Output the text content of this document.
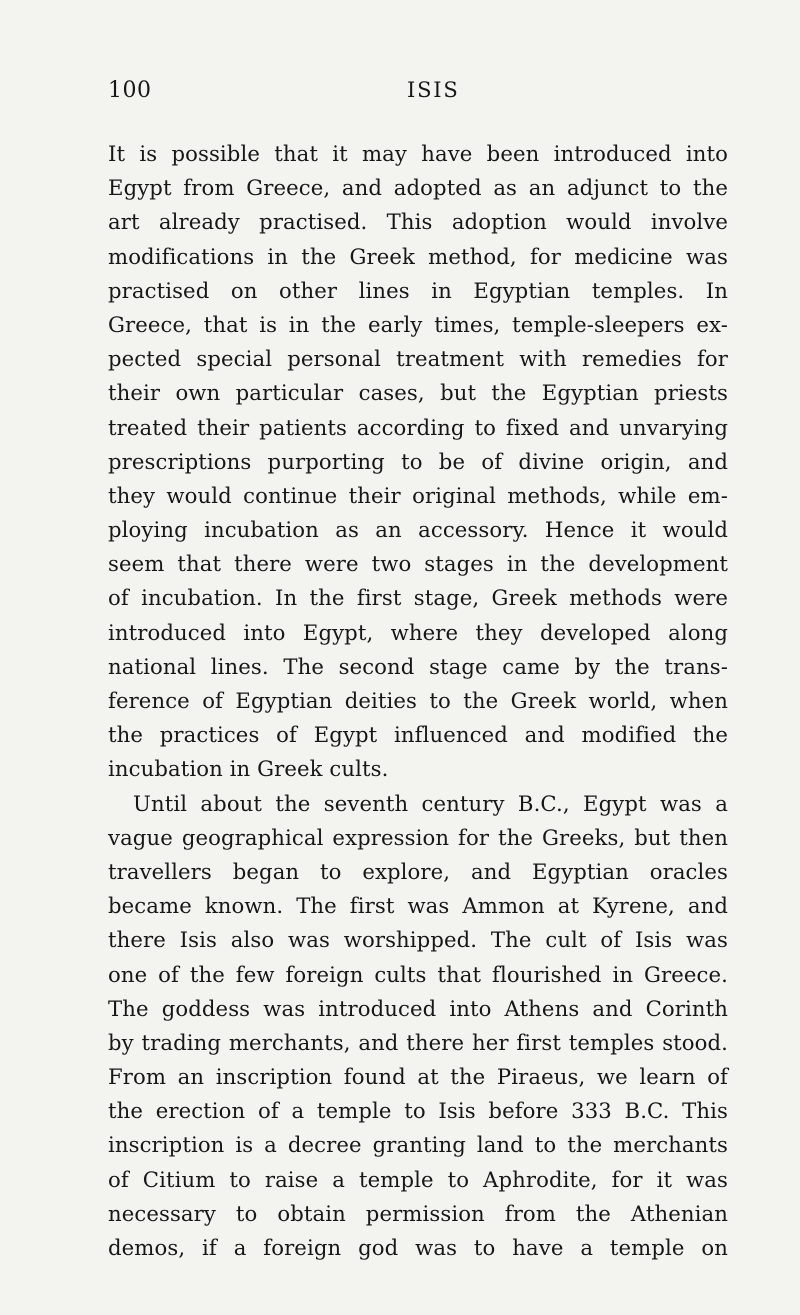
100	ISIS
It is possible that it may have been introduced into
Egypt from Greece, and adopted as an adjunct to the
art already practised. This adoption would involve
modifications in the Greek method, for medicine was
practised on other lines in Egyptian temples. In
Greece, that is in the early times, temple-sleepers ex-
pected special personal treatment with remedies for
their own particular cases, but the Egyptian priests
treated their patients according to fixed and unvarying
prescriptions purporting to be of divine origin, and
they would continue their original methods, while em-
ploying incubation as an accessory. Hence it would
seem that there were two stages in the development
of incubation. In the first stage, Greek methods were
introduced into Egypt, where they developed along
national lines. The second stage came by the trans-
ference of Egyptian deities to the Greek world, when
the practices of Egypt influenced and modified the
incubation in Greek cults.
Until about the seventh century B.C., Egypt was a
vague geographical expression for the Greeks, but then
travellers began to explore, and Egyptian oracles
became known. The first was Ammon at Kyrene, and
there Isis also was worshipped. The cult of Isis was
one of the few foreign cults that flourished in Greece.
The goddess was introduced into Athens and Corinth
by trading merchants, and there her first temples stood.
From an inscription found at the Piraeus, we learn of
the erection of a temple to Isis before 333 B.C. This
inscription is a decree granting land to the merchants
of Citium to raise a temple to Aphrodite, for it was
necessary to obtain permission from the Athenian
demos, if a foreign god was to have a temple on
